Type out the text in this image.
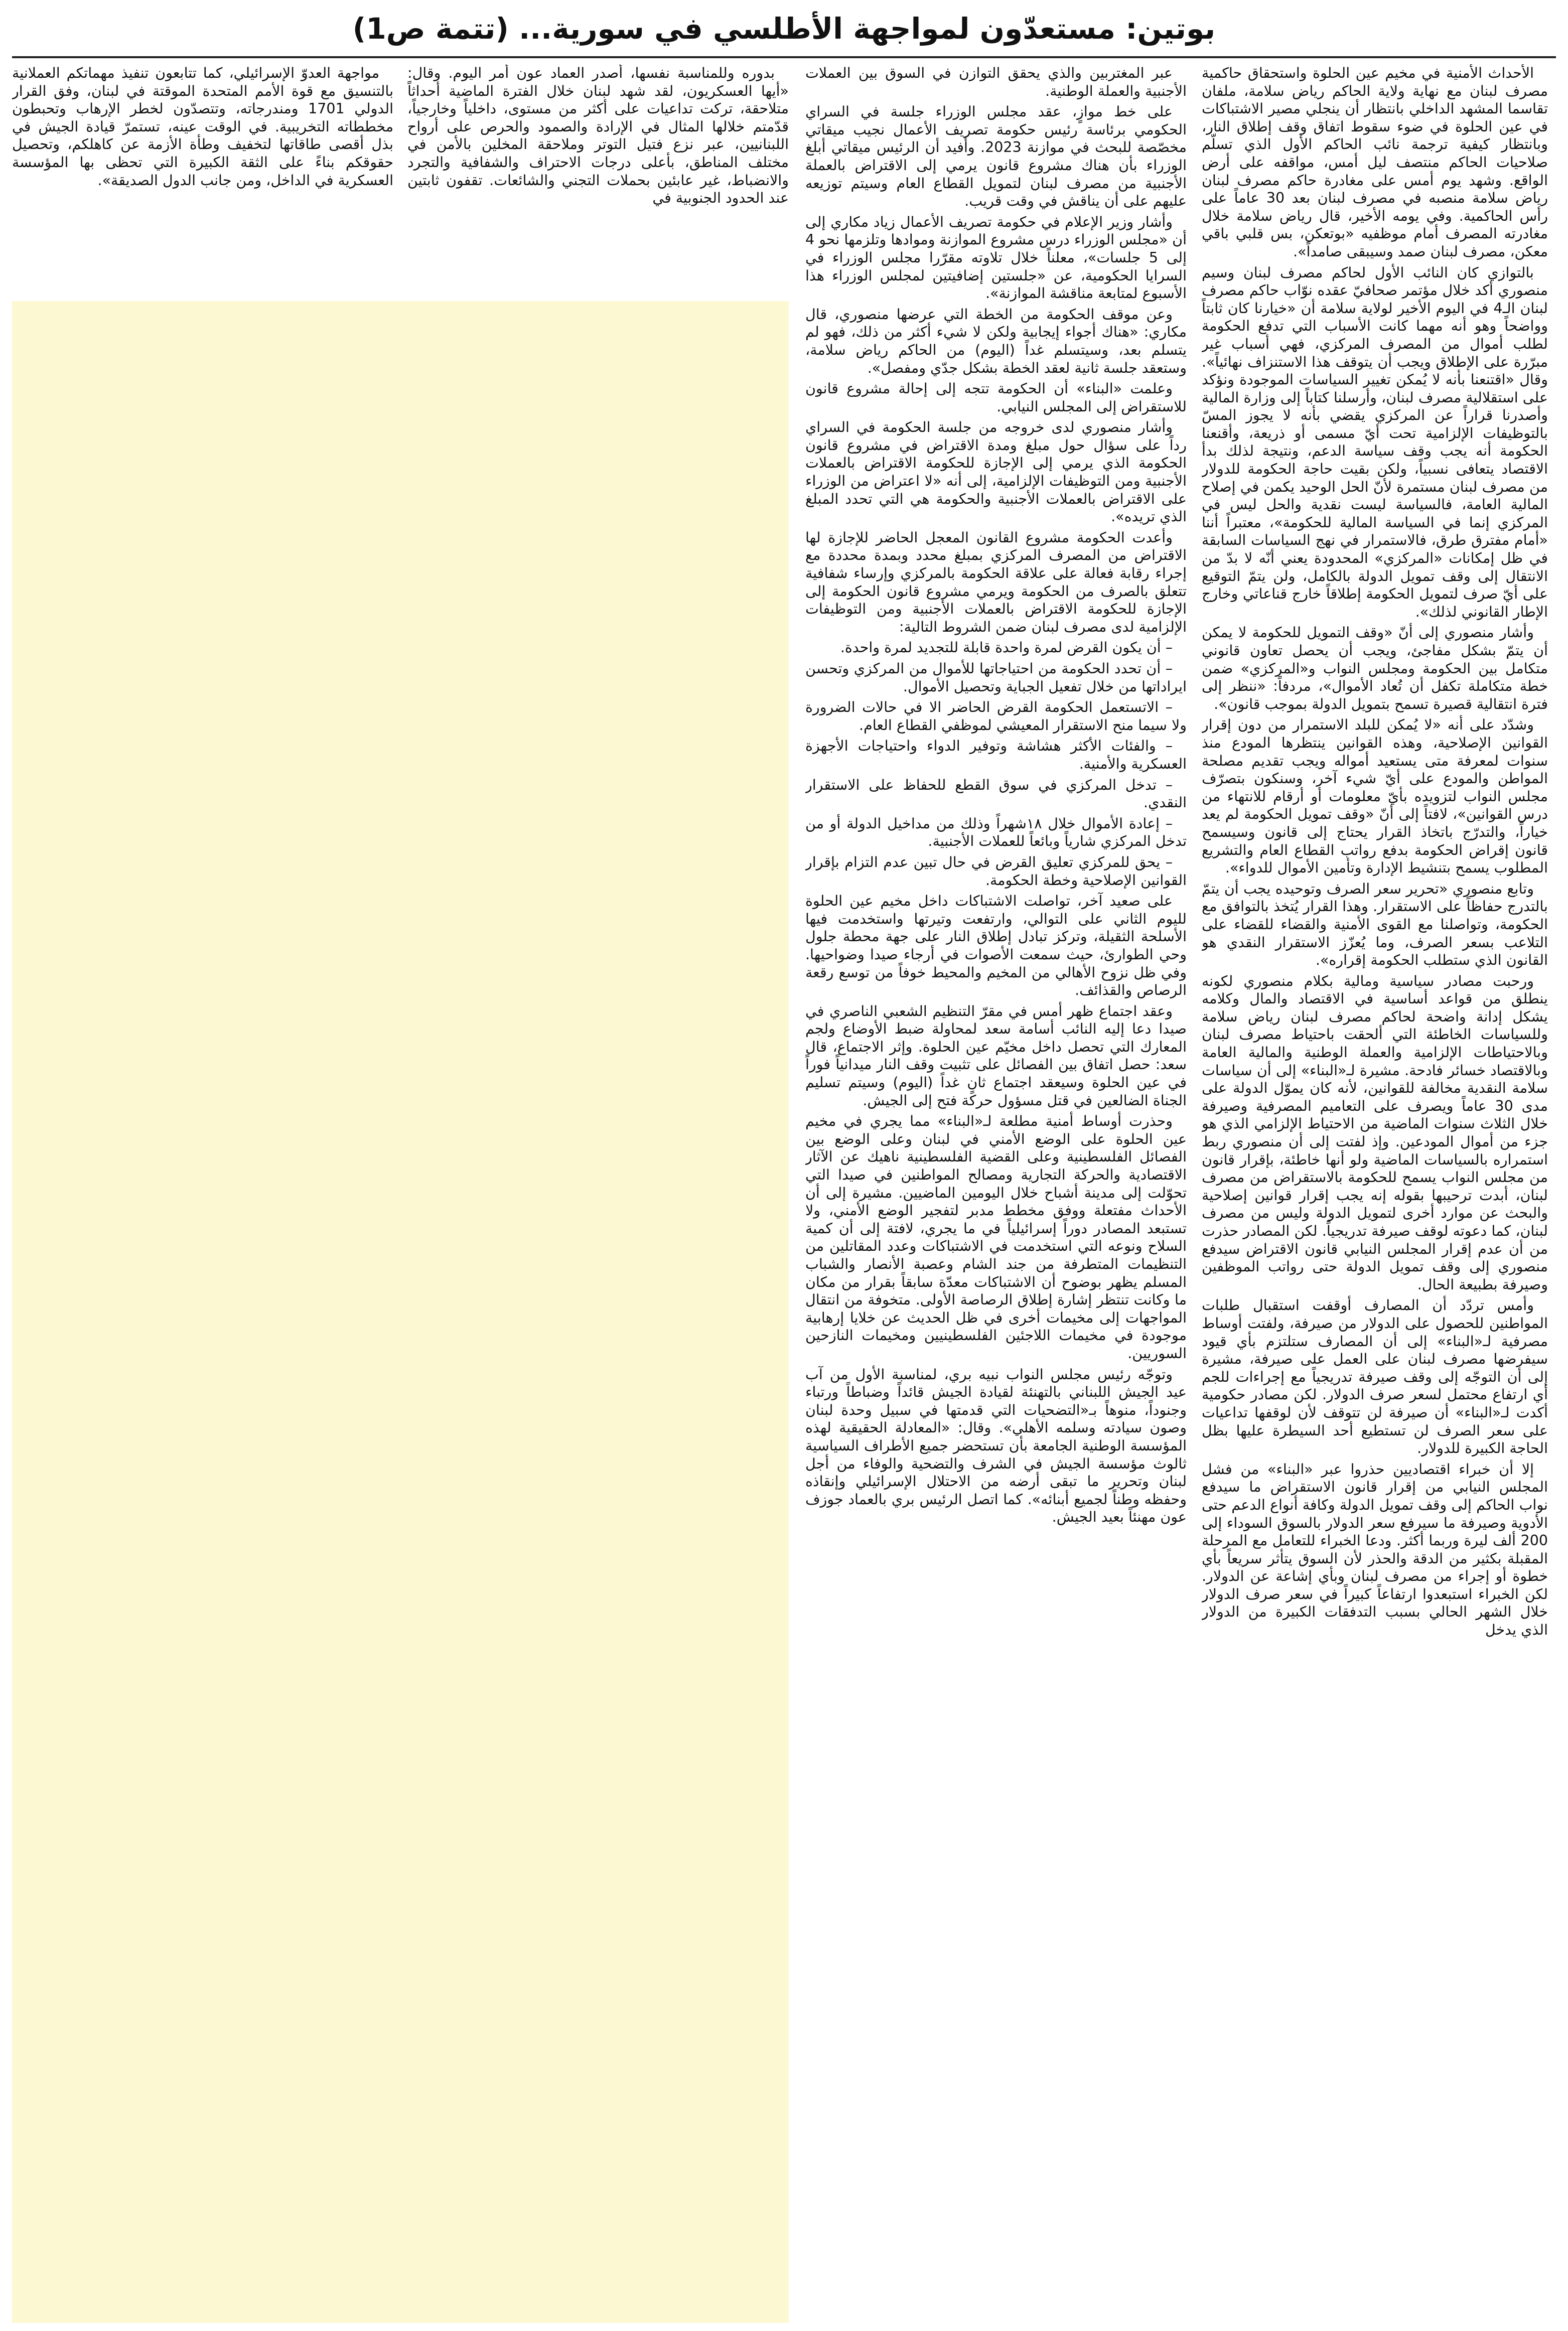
بوتين: مستعدّون لمواجهة الأطلسي في سورية... (تتمة ص1)

الأحداث الأمنية في مخيم عين الحلوة واستحقاق حاكمية مصرف لبنان مع نهاية ولاية الحاكم رياض سلامة، ملفان تقاسما المشهد الداخلي بانتظار أن ينجلي مصير الاشتباكات في عين الحلوة في ضوء سقوط اتفاق وقف إطلاق النار، وبانتظار كيفية ترجمة نائب الحاكم الأول الذي تسلّم صلاحيات الحاكم منتصف ليل أمس، مواقفه على أرض الواقع. وشهد يوم أمس على مغادرة حاكم مصرف لبنان رياض سلامة منصبه في مصرف لبنان بعد 30 عاماً على رأس الحاكمية. وفي يومه الأخير، قال رياض سلامة خلال مغادرته المصرف أمام موظفيه «بوتعكن، بس قلبي باقي معكن، مصرف لبنان صمد وسيبقى صامداً».

بالتوازي كان النائب الأول لحاكم مصرف لبنان وسيم منصوري أكد خلال مؤتمر صحافيّ عقده نوّاب حاكم مصرف لبنان الـ4 في اليوم الأخير لولاية سلامة أن «خيارنا كان ثابتاً وواضحاً وهو أنه مهما كانت الأسباب التي تدفع الحكومة لطلب أموال من المصرف المركزي، فهي أسباب غير مبرّرة على الإطلاق ويجب أن يتوقف هذا الاستنزاف نهائياً». وقال «اقتنعنا بأنه لا يُمكن تغيير السياسات الموجودة ونؤكد على استقلالية مصرف لبنان، وأرسلنا كتاباً إلى وزارة المالية وأصدرنا قراراً عن المركزي يقضي بأنه لا يجوز المسّ بالتوظيفات الإلزامية تحت أيّ مسمى أو ذريعة، وأقنعنا الحكومة أنه يجب وقف سياسة الدعم، ونتيجة لذلك بدأ الاقتصاد يتعافى نسبياً، ولكن بقيت حاجة الحكومة للدولار من مصرف لبنان مستمرة لأنّ الحل الوحيد يكمن في إصلاح المالية العامة، فالسياسة ليست نقدية والحل ليس في المركزي إنما في السياسة المالية للحكومة»، معتبراً أننا «أمام مفترق طرق، فالاستمرار في نهج السياسات السابقة في ظل إمكانات «المركزي» المحدودة يعني أنّه لا بدّ من الانتقال إلى وقف تمويل الدولة بالكامل، ولن يتمّ التوقيع على أيّ صرف لتمويل الحكومة إطلاقاً خارج قناعاتي وخارج الإطار القانوني لذلك».

وأشار منصوري إلى أنّ «وقف التمويل للحكومة لا يمكن أن يتمّ بشكل مفاجئ، ويجب أن يحصل تعاون قانوني متكامل بين الحكومة ومجلس النواب و«المركزي» ضمن خطة متكاملة تكفل أن تُعاد الأموال»، مردفاً: «ننظر إلى فترة انتقالية قصيرة تسمح بتمويل الدولة بموجب قانون».

وشدّد على أنه «لا يُمكن للبلد الاستمرار من دون إقرار القوانين الإصلاحية، وهذه القوانين ينتظرها المودع منذ سنوات لمعرفة متى يستعيد أمواله ويجب تقديم مصلحة المواطن والمودع على أيّ شيء آخر، وسنكون بتصرّف مجلس النواب لتزويده بأيّ معلومات أو أرقام للانتهاء من درس القوانين»، لافتاً إلى أنّ «وقف تمويل الحكومة لم يعد خياراً، والتدرّج باتخاذ القرار يحتاج إلى قانون وسيسمح قانون إقراض الحكومة بدفع رواتب القطاع العام والتشريع المطلوب يسمح بتنشيط الإدارة وتأمين الأموال للدواء».

وتابع منصوري «تحرير سعر الصرف وتوحيده يجب أن يتمّ بالتدرج حفاظاً على الاستقرار. وهذا القرار يُتخذ بالتوافق مع الحكومة، وتواصلنا مع القوى الأمنية والقضاء للقضاء على التلاعب بسعر الصرف، وما يُعزّز الاستقرار النقدي هو القانون الذي ستطلب الحكومة إقراره».

ورحبت مصادر سياسية ومالية بكلام منصوري لكونه ينطلق من قواعد أساسية في الاقتصاد والمال وكلامه يشكل إدانة واضحة لحاكم مصرف لبنان رياض سلامة وللسياسات الخاطئة التي ألحقت باحتياط مصرف لبنان وبالاحتياطات الإلزامية والعملة الوطنية والمالية العامة وبالاقتصاد خسائر فادحة. مشيرة لـ«البناء» إلى أن سياسات سلامة النقدية مخالفة للقوانين، لأنه كان يموّل الدولة على مدى 30 عاماً ويصرف على التعاميم المصرفية وصيرفة خلال الثلاث سنوات الماضية من الاحتياط الإلزامي الذي هو جزء من أموال المودعين. وإذ لفتت إلى أن منصوري ربط استمراره بالسياسات الماضية ولو أنها خاطئة، بإقرار قانون من مجلس النواب يسمح للحكومة بالاستقراض من مصرف لبنان، أبدت ترحيبها بقوله إنه يجب إقرار قوانين إصلاحية والبحث عن موارد أخرى لتمويل الدولة وليس من مصرف لبنان، كما دعوته لوقف صيرفة تدريجياً. لكن المصادر حذرت من أن عدم إقرار المجلس النيابي قانون الاقتراض سيدفع منصوري إلى وقف تمويل الدولة حتى رواتب الموظفين وصيرفة بطبيعة الحال.

وأمس تردّد أن المصارف أوقفت استقبال طلبات المواطنين للحصول على الدولار من صيرفة، ولفتت أوساط مصرفية لـ«البناء» إلى أن المصارف ستلتزم بأي قيود سيفرضها مصرف لبنان على العمل على صيرفة، مشيرة إلى أن التوجّه إلى وقف صيرفة تدريجياً مع إجراءات للجم أي ارتفاع محتمل لسعر صرف الدولار. لكن مصادر حكومية أكدت لـ«البناء» أن صيرفة لن تتوقف لأن لوقفها تداعيات على سعر الصرف لن تستطيع أحد السيطرة عليها بظل الحاجة الكبيرة للدولار.

إلا أن خبراء اقتصاديين حذروا عبر «البناء» من فشل المجلس النيابي من إقرار قانون الاستقراض ما سيدفع نواب الحاكم إلى وقف تمويل الدولة وكافة أنواع الدعم حتى الأدوية وصيرفة ما سيرفع سعر الدولار بالسوق السوداء إلى 200 ألف ليرة وربما أكثر. ودعا الخبراء للتعامل مع المرحلة المقبلة بكثير من الدقة والحذر لأن السوق يتأثر سريعاً بأي خطوة أو إجراء من مصرف لبنان وبأي إشاعة عن الدولار. لكن الخبراء استبعدوا ارتفاعاً كبيراً في سعر صرف الدولار خلال الشهر الحالي بسبب التدفقات الكبيرة من الدولار الذي يدخل

عبر المغتربين والذي يحقق التوازن في السوق بين العملات الأجنبية والعملة الوطنية.

على خط موازٍ، عقد مجلس الوزراء جلسة في السراي الحكومي برئاسة رئيس حكومة تصريف الأعمال نجيب ميقاتي مخصّصة للبحث في موازنة 2023. وأفيد أن الرئيس ميقاتي أبلغ الوزراء بأن هناك مشروع قانون يرمي إلى الاقتراض بالعملة الأجنبية من مصرف لبنان لتمويل القطاع العام وسيتم توزيعه عليهم على أن يناقش في وقت قريب.

وأشار وزير الإعلام في حكومة تصريف الأعمال زياد مكاري إلى أن «مجلس الوزراء درس مشروع الموازنة وموادها وتلزمها نحو 4 إلى 5 جلسات»، معلناً خلال تلاوته مقرّرا مجلس الوزراء في السرايا الحكومية، عن «جلستين إضافيتين لمجلس الوزراء هذا الأسبوع لمتابعة مناقشة الموازنة».

وعن موقف الحكومة من الخطة التي عرضها منصوري، قال مكاري: «هناك أجواء إيجابية ولكن لا شيء أكثر من ذلك، فهو لم يتسلم بعد، وسيتسلم غداً (اليوم) من الحاكم رياض سلامة، وستعقد جلسة ثانية لعقد الخطة بشكل جدّي ومفصل».

وعلمت «البناء» أن الحكومة تتجه إلى إحالة مشروع قانون للاستقراض إلى المجلس النيابي.

وأشار منصوري لدى خروجه من جلسة الحكومة في السراي رداً على سؤال حول مبلغ ومدة الاقتراض في مشروع قانون الحكومة الذي يرمي إلى الإجازة للحكومة الاقتراض بالعملات الأجنبية ومن التوظيفات الإلزامية، إلى أنه «لا اعتراض من الوزراء على الاقتراض بالعملات الأجنبية والحكومة هي التي تحدد المبلغ الذي تريده».

وأعدت الحكومة مشروع القانون المعجل الحاضر للإجازة لها الاقتراض من المصرف المركزي بمبلغ محدد وبمدة محددة مع إجراء رقابة فعالة على علاقة الحكومة بالمركزي وإرساء شفافية تتعلق بالصرف من الحكومة ويرمي مشروع قانون الحكومة إلى الإجازة للحكومة الاقتراض بالعملات الأجنبية ومن التوظيفات الإلزامية لدى مصرف لبنان ضمن الشروط التالية:

– أن يكون القرض لمرة واحدة قابلة للتجديد لمرة واحدة.

– أن تحدد الحكومة من احتياجاتها للأموال من المركزي وتحسن ايراداتها من خلال تفعيل الجباية وتحصيل الأموال.

– الاتستعمل الحكومة القرض الحاضر الا في حالات الضرورة ولا سيما منح الاستقرار المعيشي لموظفي القطاع العام.

– والفئات الأكثر هشاشة وتوفير الدواء واحتياجات الأجهزة العسكرية والأمنية.

– تدخل المركزي في سوق القطع للحفاظ على الاستقرار النقدي.

– إعادة الأموال خلال ١٨شهراً وذلك من مداخيل الدولة أو من تدخل المركزي شارياً وبائعاً للعملات الأجنبية.

– يحق للمركزي تعليق القرض في حال تبين عدم التزام بإقرار القوانين الإصلاحية وخطة الحكومة.

على صعيد آخر، تواصلت الاشتباكات داخل مخيم عين الحلوة لليوم الثاني على التوالي، وارتفعت وتيرتها واستخدمت فيها الأسلحة الثقيلة، وتركز تبادل إطلاق النار على جهة محطة جلول وحي الطوارئ، حيث سمعت الأصوات في أرجاء صيدا وضواحيها. وفي ظل نزوح الأهالي من المخيم والمحيط خوفاً من توسع رقعة الرصاص والقذائف.

وعقد اجتماع ظهر أمس في مقرّ التنظيم الشعبي الناصري في صيدا دعا إليه النائب أسامة سعد لمحاولة ضبط الأوضاع ولجم المعارك التي تحصل داخل مخيّم عين الحلوة. وإثر الاجتماع، قال سعد: حصل اتفاق بين الفصائل على تثبيت وقف النار ميدانياً فوراً في عين الحلوة وسيعقد اجتماع ثانٍ غداً (اليوم) وسيتم تسليم الجناة الضالعين في قتل مسؤول حركة فتح إلى الجيش.

وحذرت أوساط أمنية مطلعة لـ«البناء» مما يجري في مخيم عين الحلوة على الوضع الأمني في لبنان وعلى الوضع بين الفصائل الفلسطينية وعلى القضية الفلسطينية ناهيك عن الآثار الاقتصادية والحركة التجارية ومصالح المواطنين في صيدا التي تحوّلت إلى مدينة أشباح خلال اليومين الماضيين. مشيرة إلى أن الأحداث مفتعلة ووفق مخطط مدبر لتفجير الوضع الأمني، ولا تستبعد المصادر دوراً إسرائيلياً في ما يجري، لافتة إلى أن كمية السلاح ونوعه التي استخدمت في الاشتباكات وعدد المقاتلين من التنظيمات المتطرفة من جند الشام وعصبة الأنصار والشباب المسلم يظهر بوضوح أن الاشتباكات معدّة سابقاً بقرار من مكان ما وكانت تنتظر إشارة إطلاق الرصاصة الأولى. متخوفة من انتقال المواجهات إلى مخيمات أخرى في ظل الحديث عن خلايا إرهابية موجودة في مخيمات اللاجئين الفلسطينيين ومخيمات النازحين السوريين.

وتوجّه رئيس مجلس النواب نبيه بري، لمناسبة الأول من آب عيد الجيش اللبناني بالتهنئة لقيادة الجيش قائداً وضباطاً ورتباء وجنوداً، منوهاً بـ«التضحيات التي قدمتها في سبيل وحدة لبنان وصون سيادته وسلمه الأهلي». وقال: «المعادلة الحقيقية لهذه المؤسسة الوطنية الجامعة بأن تستحضر جميع الأطراف السياسية ثالوث مؤسسة الجيش في الشرف والتضحية والوفاء من أجل لبنان وتحرير ما تبقى أرضه من الاحتلال الإسرائيلي وإنقاذه وحفظه وطناً لجميع أبنائه». كما اتصل الرئيس بري بالعماد جوزف عون مهنئاً بعيد الجيش.

بدوره وللمناسبة نفسها، أصدر العماد عون أمر اليوم. وقال: «أيها العسكريون، لقد شهد لبنان خلال الفترة الماضية أحداثاً متلاحقة، تركت تداعيات على أكثر من مستوى، داخلياً وخارجياً، قدّمتم خلالها المثال في الإرادة والصمود والحرص على أرواح اللبنانيين، عبر نزع فتيل التوتر وملاحقة المخلين بالأمن في مختلف المناطق، بأعلى درجات الاحتراف والشفافية والتجرد والانضباط، غير عابئين بحملات التجني والشائعات. تقفون ثابتين عند الحدود الجنوبية في

مواجهة العدوّ الإسرائيلي، كما تتابعون تنفيذ مهماتكم العملانية بالتنسيق مع قوة الأمم المتحدة الموقتة في لبنان، وفق القرار الدولي 1701 ومندرجاته، وتتصدّون لخطر الإرهاب وتحبطون مخططاته التخريبية. في الوقت عينه، تستمرّ قيادة الجيش في بذل أقصى طاقاتها لتخفيف وطأة الأزمة عن كاهلكم، وتحصيل حقوقكم بناءً على الثقة الكبيرة التي تحظى بها المؤسسة العسكرية في الداخل، ومن جانب الدول الصديقة».
